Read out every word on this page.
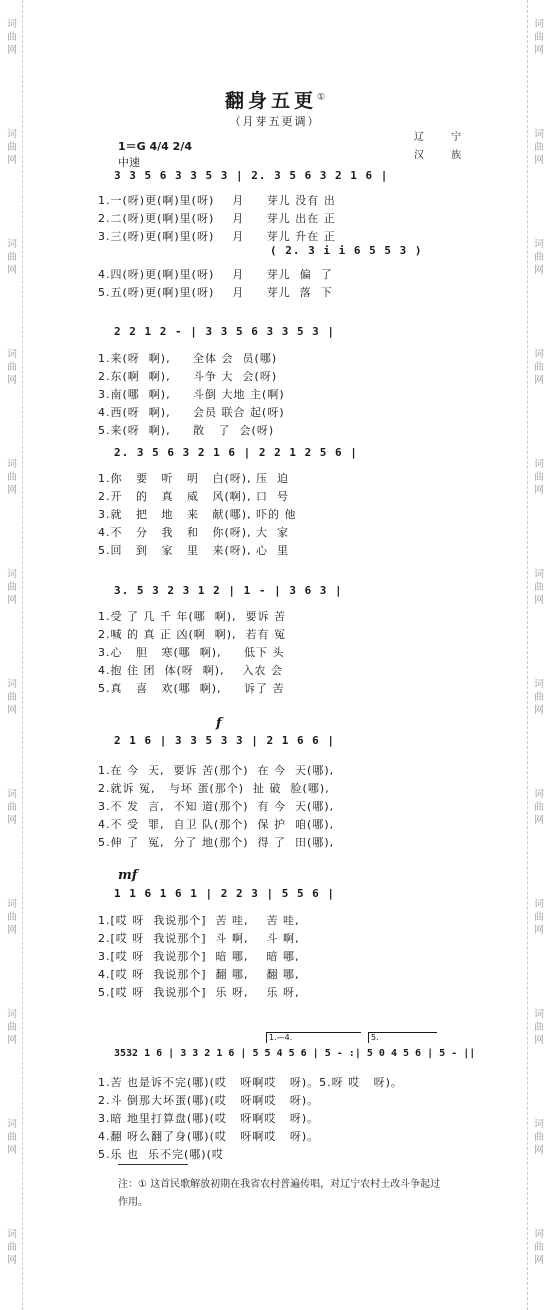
词
曲
网
词
曲
网
词
曲
网
词
曲
网
词
曲
网
词
曲
网
词
曲
网
词
曲
网
词
曲
网
词
曲
网
词
曲
网
词
曲
网
词
曲
网
词
曲
网
词
曲
网
词
曲
网
词
曲
网
词
曲
网
词
曲
网
词
曲
网
词
曲
网
词
曲
网
词
曲
网
词
曲
网
翻身五更①
（月芽五更调）
1＝G 4/4 2/4
中速
辽 宁
汉 族
3 3 5 6 3 3 5 3 | 2. 3 5 6 3 2 1 6 |
1.一(呀)更(啊)里(呀)    月     芽儿 没有 出
2.二(呀)更(啊)里(呀)    月     芽儿 出在 正
3.三(呀)更(啊)里(呀)    月     芽儿 升在 正
( 2. 3 i i 6 5 5 3 )
4.四(呀)更(啊)里(呀)    月     芽儿  偏  了
5.五(呀)更(啊)里(呀)    月     芽儿  落  下
2 2 1 2 - | 3 3 5 6 3 3 5 3 |
1.来(呀  啊),     全体 会  员(哪)
2.东(啊  啊),     斗争 大  会(呀)
3.南(哪  啊),     斗倒 大地 主(啊)
4.西(呀  啊),     会员 联合 起(呀)
5.来(呀  啊),     散   了  会(呀)
2. 3 5 6 3 2 1 6 | 2 2 1 2 5 6 |
1.你   要   听   明   白(呀), 压  迫
2.开   的   真   威   风(啊), 口  号
3.就   把   地   来   献(哪), 吓的 他
4.不   分   我   和   你(呀), 大  家
5.回   到   家   里   来(呀), 心  里
3. 5 3 2 3 1 2 | 1 - | 3 6 3 |
1.受 了 几 千 年(哪  啊),  要诉 苦
2.喊 的 真 正 凶(啊  啊),  若有 冤
3.心   胆   寒(哪  啊),     低下 头
4.抱 住 团  体(呀  啊),    入农 会
5.真   喜   欢(哪  啊),     诉了 苦
f
2 1 6 | 3 3 5 3 3 | 2 1 6 6 |
1.在 今  天,  要诉 苦(那个)  在 今  天(哪),
2.就诉 冤,   与坏 蛋(那个)  扯 破  脸(哪),
3.不 发  言,  不知 道(那个)  有 今  天(哪),
4.不 受  罪,  自卫 队(那个)  保 护  咱(哪),
5.伸 了  冤,  分了 地(那个)  得 了  田(哪),
mf
1 1 6 1 6 1 | 2 2 3 | 5 5 6 |
1.[哎 呀  我说那个]  苦 哇,    苦 哇,
2.[哎 呀  我说那个]  斗 啊,    斗 啊,
3.[哎 呀  我说那个]  暗 哪,    暗 哪,
4.[哎 呀  我说那个]  翻 哪,    翻 哪,
5.[哎 呀  我说那个]  乐 呀,    乐 呀,
1.—4.	5.
3532 1 6 | 3 3 2 1 6 | 5 5 4 5 6 | 5 - :| 5 0 4 5 6 | 5 - ||
1.苦 也是诉不完(哪)(哎   呀啊哎   呀)。5.呀 哎   呀)。
2.斗 倒那大坏蛋(哪)(哎   呀啊哎   呀)。
3.暗 地里打算盘(哪)(哎   呀啊哎   呀)。
4.翻 呀么翻了身(哪)(哎   呀啊哎   呀)。
5.乐 也  乐不完(哪)(哎
注：① 这首民歌解放初期在我省农村普遍传唱，对辽宁农村土改斗争起过作用。
